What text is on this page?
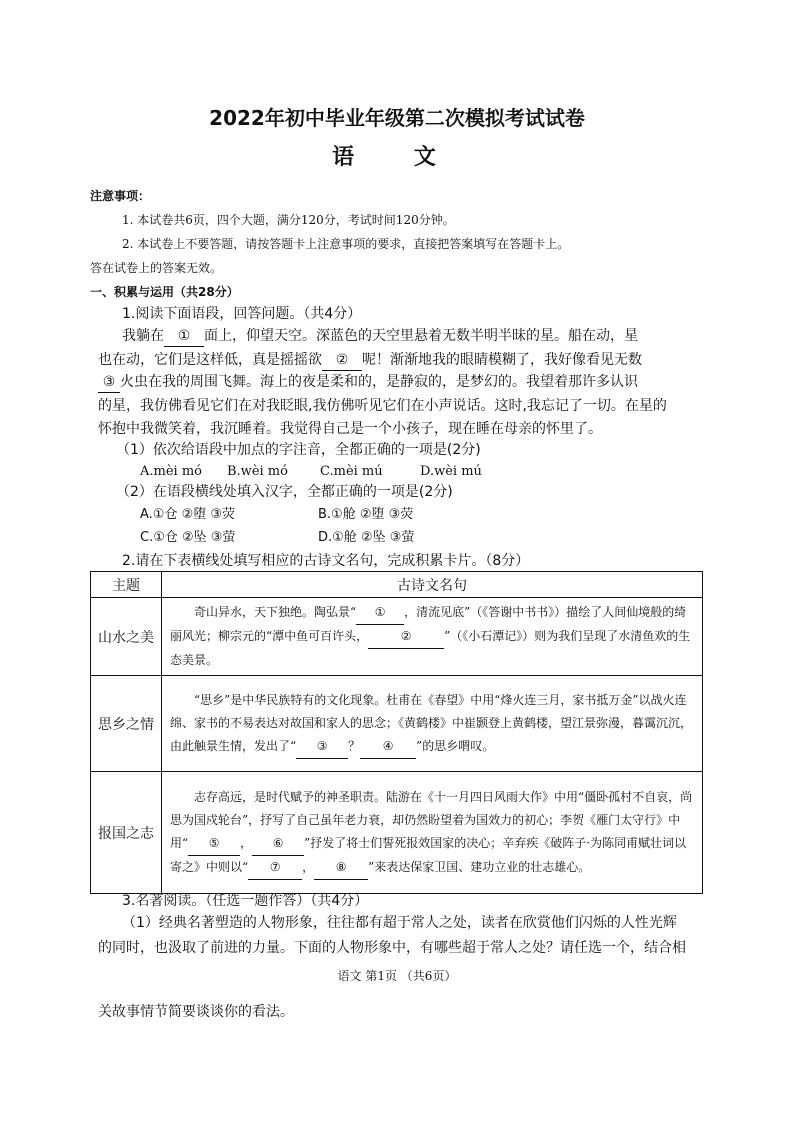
2022年初中毕业年级第二次模拟考试试卷
语 文
注意事项：
1. 本试卷共6页，四个大题，满分120分，考试时间120分钟。
2. 本试卷上不要答题，请按答题卡上注意事项的要求，直接把答案填写在答题卡上。
答在试卷上的答案无效。
一、积累与运用（共28分）
1.阅读下面语段，回答问题。（共4分）
我躺在 ① 面上，仰望天空。深蓝色的天空里悬着无数半明半昧的星。船在动，星
也在动，它们是这样低，真是摇摇欲 ② 呢！渐渐地我的眼睛模糊了，我好像看见无数
③ 火虫在我的周围飞舞。海上的夜是柔和的，是静寂的，是梦幻的。我望着那许多认识
的星，我仿佛看见它们在对我眨眼,我仿佛听见它们在小声说话。这时,我忘记了一切。在星的
怀抱中我微笑着，我沉睡着。我觉得自己是一个小孩子，现在睡在母亲的怀里了。
（1）依次给语段中加点的字注音，全都正确的一项是(2分)
A.mèi mó B.wèi mó C.mèi mú	D.wèi mú
（2）在语段横线处填入汉字，全都正确的一项是(2分)
A.①仓 ②堕 ③荧	B.①舱 ②堕 ③荧
C.①仓 ②坠 ③萤	D.①舱 ②坠 ③萤
2.请在下表横线处填写相应的古诗文名句，完成积累卡片。（8分）
主题	古诗文名句
山水之美	奇山异水，天下独绝。陶弘景“ ① ，清流见底”（《答谢中书书》）描绘了人间仙境般的绮丽风光；柳宗元的“潭中鱼可百许头， ② ”（《小石潭记》）则为我们呈现了水清鱼欢的生态美景。
思乡之情	“思乡”是中华民族特有的文化现象。杜甫在《春望》中用“烽火连三月，家书抵万金”以战火连绵、家书的不易表达对故国和家人的思念；《黄鹤楼》中崔颢登上黄鹤楼，望江景弥漫，暮霭沉沉，由此触景生情，发出了“ ③ ？ ④ ”的思乡喟叹。
报国之志	志存高远，是时代赋予的神圣职责。陆游在《十一月四日风雨大作》中用“僵卧孤村不自哀，尚思为国戍轮台”，抒写了自己虽年老力衰，却仍然盼望着为国效力的初心；李贺《雁门太守行》中用“ ⑤ ， ⑥ ”抒发了将士们誓死报效国家的决心；辛弃疾《破阵子·为陈同甫赋壮词以寄之》中则以“ ⑦ ， ⑧ ”来表达保家卫国、建功立业的壮志雄心。
3.名著阅读。（任选一题作答）（共4分）
（1）经典名著塑造的人物形象，往往都有超于常人之处，读者在欣赏他们闪烁的人性光辉
的同时，也汲取了前进的力量。下面的人物形象中，有哪些超于常人之处？请任选一个，结合相
语文 第1页 （共6页）
关故事情节简要谈谈你的看法。
